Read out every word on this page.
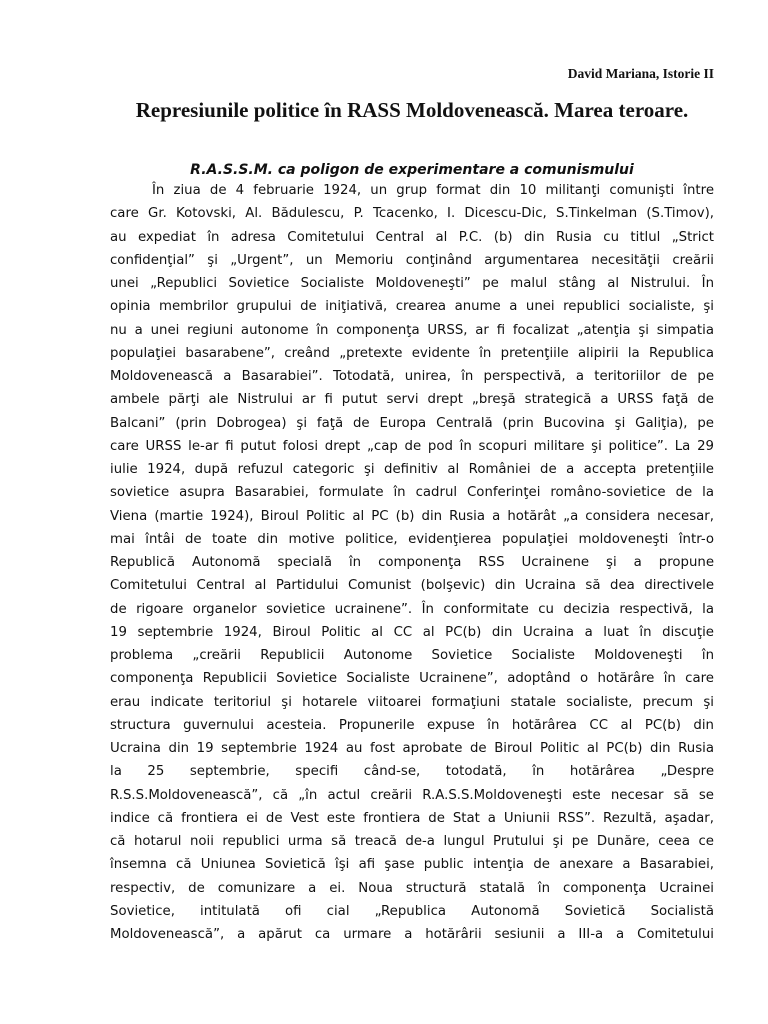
David Mariana, Istorie II
Represiunile politice în RASS Moldovenească. Marea teroare.
R.A.S.S.M. ca poligon de experimentare a comunismului
În ziua de 4 februarie 1924, un grup format din 10 militanţi comunişti între
care Gr. Kotovski, Al. Bădulescu, P. Tcacenko, I. Dicescu-Dic, S.Tinkelman (S.Timov),
au expediat în adresa Comitetului Central al P.C. (b) din Rusia cu titlul „Strict
confidenţial” şi „Urgent”, un Memoriu conţinând argumentarea necesităţii creării
unei „Republici Sovietice Socialiste Moldoveneşti” pe malul stâng al Nistrului. În
opinia membrilor grupului de iniţiativă, crearea anume a unei republici socialiste, şi
nu a unei regiuni autonome în componenţa URSS, ar fi focalizat „atenţia şi simpatia
populaţiei basarabene”, creând „pretexte evidente în pretenţiile alipirii la Republica
Moldovenească a Basarabiei”. Totodată, unirea, în perspectivă, a teritoriilor de pe
ambele părţi ale Nistrului ar fi putut servi drept „breşă strategică a URSS faţă de
Balcani” (prin Dobrogea) şi faţă de Europa Centrală (prin Bucovina şi Galiţia), pe
care URSS le-ar fi putut folosi drept „cap de pod în scopuri militare şi politice”. La 29
iulie 1924, după refuzul categoric şi definitiv al României de a accepta pretenţiile
sovietice asupra Basarabiei, formulate în cadrul Conferinţei româno-sovietice de la
Viena (martie 1924), Biroul Politic al PC (b) din Rusia a hotărât „a considera necesar,
mai întâi de toate din motive politice, evidenţierea populaţiei moldoveneşti într-o
Republică Autonomă specială în componenţa RSS Ucrainene şi a propune
Comitetului Central al Partidului Comunist (bolşevic) din Ucraina să dea directivele
de rigoare organelor sovietice ucrainene”. În conformitate cu decizia respectivă, la
19 septembrie 1924, Biroul Politic al CC al PC(b) din Ucraina a luat în discuţie
problema „creării Republicii Autonome Sovietice Socialiste Moldoveneşti în
componenţa Republicii Sovietice Socialiste Ucrainene”, adoptând o hotărâre în care
erau indicate teritoriul şi hotarele viitoarei formaţiuni statale socialiste, precum şi
structura guvernului acesteia. Propunerile expuse în hotărârea CC al PC(b) din
Ucraina din 19 septembrie 1924 au fost aprobate de Biroul Politic al PC(b) din Rusia
la 25 septembrie, specifi când-se, totodată, în hotărârea „Despre
R.S.S.Moldovenească”, că „în actul creării R.A.S.S.Moldoveneşti este necesar să se
indice că frontiera ei de Vest este frontiera de Stat a Uniunii RSS”. Rezultă, aşadar,
că hotarul noii republici urma să treacă de-a lungul Prutului şi pe Dunăre, ceea ce
însemna că Uniunea Sovietică îşi afi şase public intenţia de anexare a Basarabiei,
respectiv, de comunizare a ei. Noua structură statală în componenţa Ucrainei
Sovietice, intitulată ofi cial „Republica Autonomă Sovietică Socialistă
Moldovenească”, a apărut ca urmare a hotărârii sesiunii a III-a a Comitetului
